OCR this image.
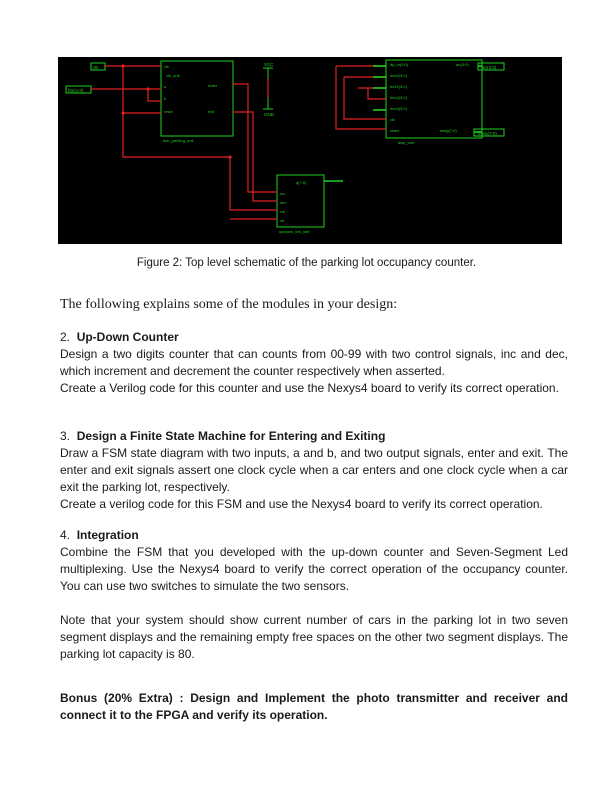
clk
btn(1:0)
an(3:0)
sseg(7:0)
clk
a
b
reset
enter
exit
clk_unit
fsm_parking_unit
VCC
GND
dp_in(3:0)
hex0(3:0)
hex1(3:0)
hex2(3:0)
hex3(3:0)
clk
reset
an(3:0)
sseg(7:0)
disp_unit
q(7:0)
inc
dec
clk
rst
updown_cnt_unit
Figure 2: Top level schematic of the parking lot occupancy counter.
The following explains some of the modules in your design:

2. Up-Down Counter

Design a two digits counter that can counts from 00-99 with two control signals, inc and dec, which increment and decrement the counter respectively when asserted.

Create a Verilog code for this counter and use the Nexys4 board to verify its correct operation.

3. Design a Finite State Machine for Entering and Exiting

Draw a FSM state diagram with two inputs, a and b, and two output signals, enter and exit. The enter and exit signals assert one clock cycle when a car enters and one clock cycle when a car exit the parking lot, respectively.

Create a verilog code for this FSM and use the Nexys4 board to verify its correct operation.

4. Integration

Combine the FSM that you developed with the up-down counter and Seven-Segment Led multiplexing. Use the Nexys4 board to verify the correct operation of the occupancy counter. You can use two switches to simulate the two sensors.

Note that your system should show current number of cars in the parking lot in two seven segment displays and the remaining empty free spaces on the other two segment displays. The parking lot capacity is 80.

Bonus (20% Extra) : Design and Implement the photo transmitter and receiver and connect it to the FPGA and verify its operation.
